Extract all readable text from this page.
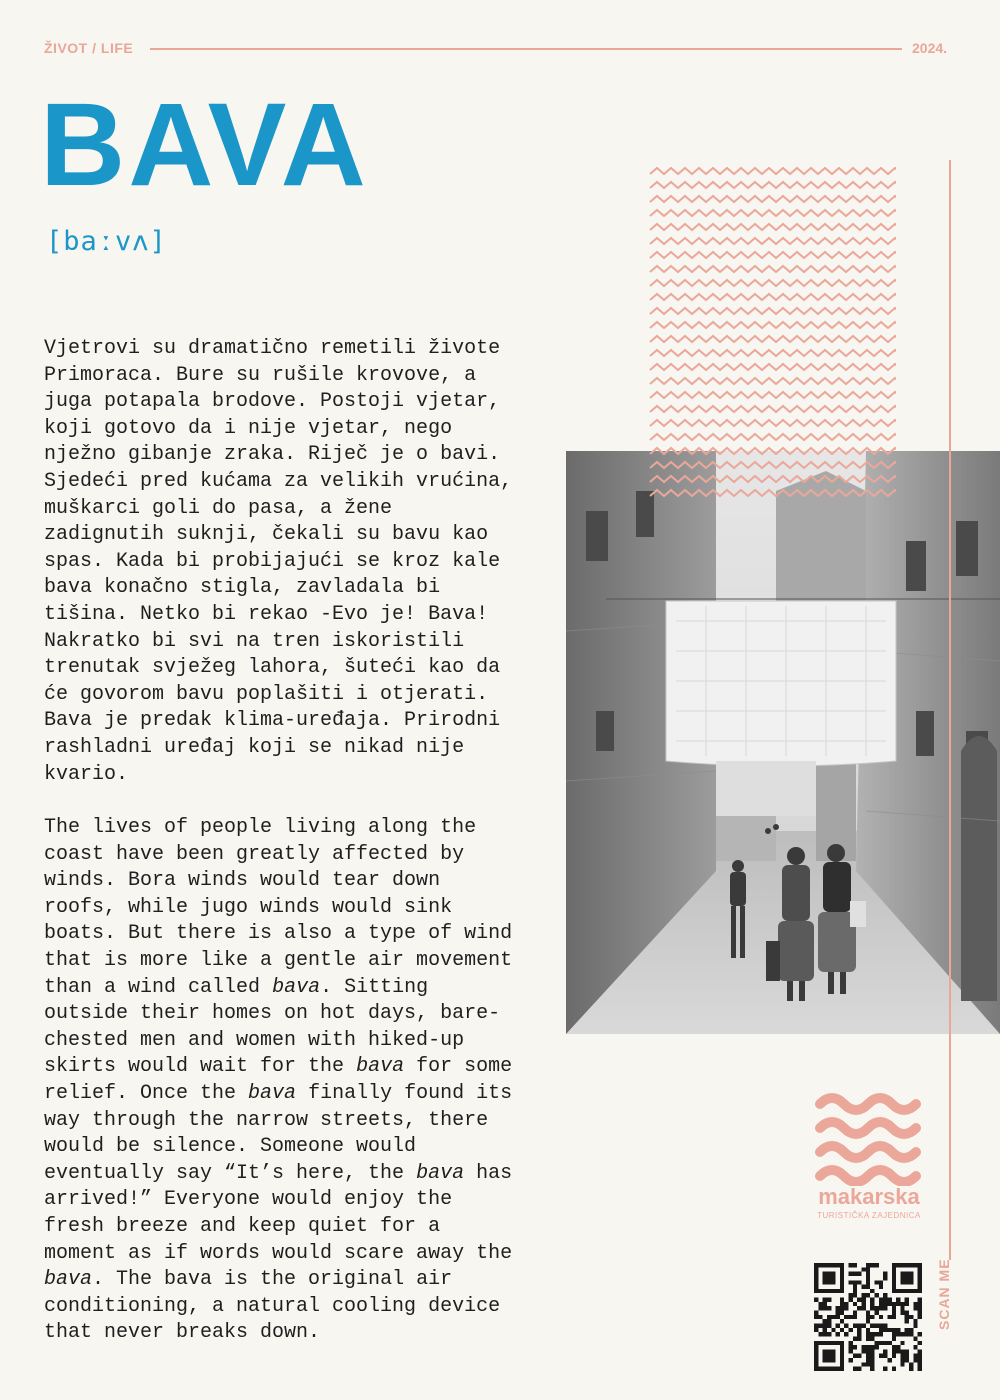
ŽIVOT / LIFE	2024.
BAVA
[baːvʌ]

Vjetrovi su dramatično remetili živote Primoraca. Bure su rušile krovove, a juga potapala brodove. Postoji vjetar, koji gotovo da i nije vjetar, nego nježno gibanje zraka. Riječ je o bavi. Sjedeći pred kućama za velikih vrućina, muškarci goli do pasa, a žene zadignutih suknji, čekali su bavu kao spas. Kada bi probijajući se kroz kale bava konačno stigla, zavladala bi tišina. Netko bi rekao -Evo je! Bava! Nakratko bi svi na tren iskoristili trenutak svježeg lahora, šuteći kao da će govorom bavu poplašiti i otjerati. Bava je predak klima-uređaja. Prirodni rashladni uređaj koji se nikad nije kvario.

The lives of people living along the coast have been greatly affected by winds. Bora winds would tear down roofs, while jugo winds would sink boats. But there is also a type of wind that is more like a gentle air movement than a wind called bava. Sitting outside their homes on hot days, bare-chested men and women with hiked-up skirts would wait for the bava for some relief. Once the bava finally found its way through the narrow streets, there would be silence. Someone would eventually say “It’s here, the bava has arrived!” Everyone would enjoy the fresh breeze and keep quiet for a moment as if words would scare away the bava. The bava is the original air conditioning, a natural cooling device that never breaks down.

makarska
TURISTIČKA ZAJEDNICA
SCAN ME
